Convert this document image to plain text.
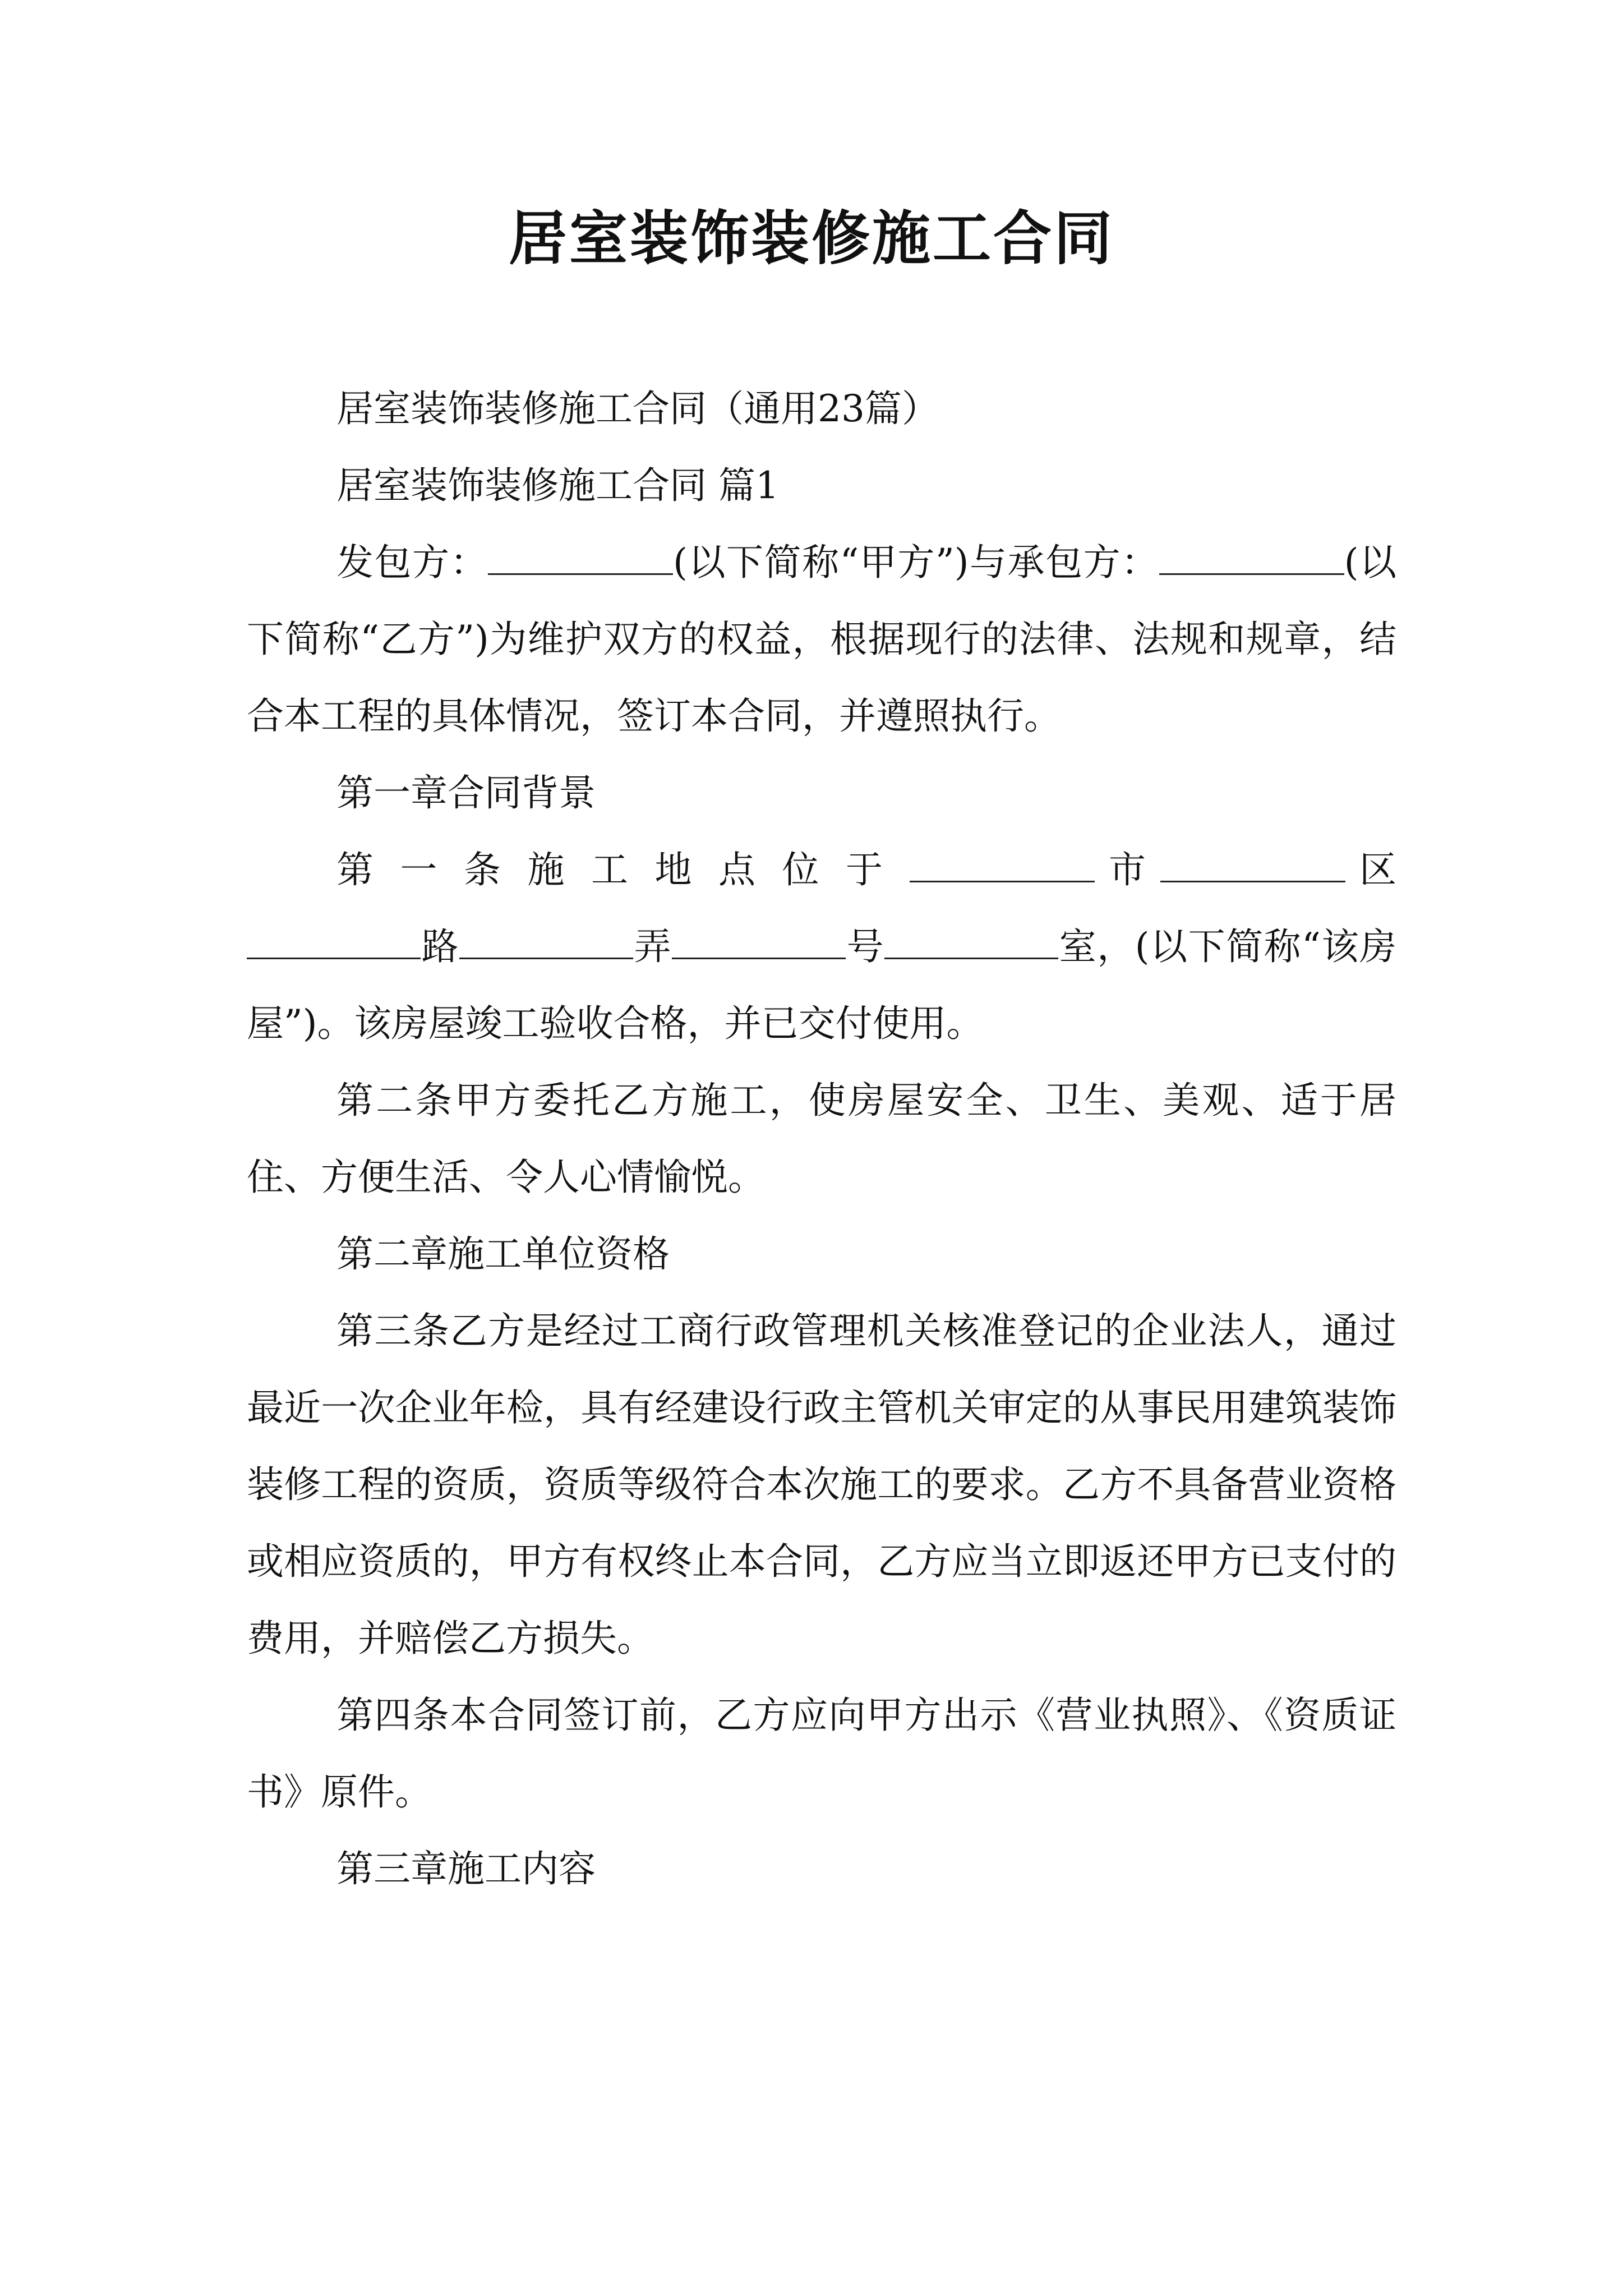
居室装饰装修施工合同

居室装饰装修施工合同（通用23篇）

居室装饰装修施工合同 篇1

发包方：	(以下简称“甲方”)与承包方：	(以下简称“乙方”)为维护双方的权益，根据现行的法律、法规和规章，结合本工程的具体情况，签订本合同，并遵照执行。

第一章合同背景

第一条施工地点位于	市	区路	弄	号	室，(以下简称“该房屋”)。该房屋竣工验收合格，并已交付使用。

第二条甲方委托乙方施工，使房屋安全、卫生、美观、适于居住、方便生活、令人心情愉悦。

第二章施工单位资格

第三条乙方是经过工商行政管理机关核准登记的企业法人，通过最近一次企业年检，具有经建设行政主管机关审定的从事民用建筑装饰装修工程的资质，资质等级符合本次施工的要求。乙方不具备营业资格或相应资质的，甲方有权终止本合同，乙方应当立即返还甲方已支付的费用，并赔偿乙方损失。

第四条本合同签订前，乙方应向甲方出示《营业执照》、《资质证书》原件。

第三章施工内容
